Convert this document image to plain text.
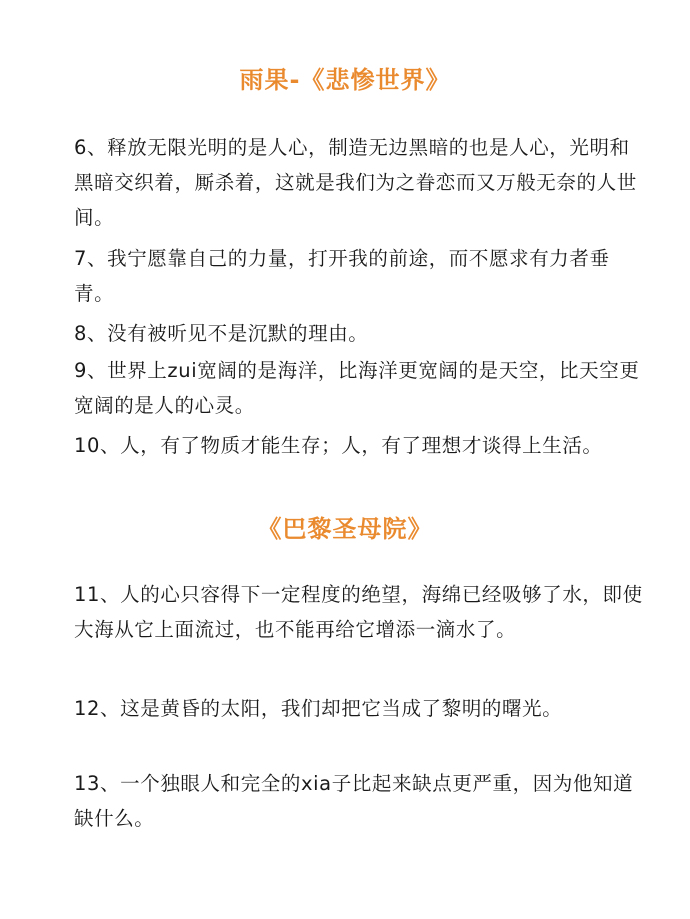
雨果-《悲惨世界》
6、释放无限光明的是人心，制造无边黑暗的也是人心，光明和黑暗交织着，厮杀着，这就是我们为之眷恋而又万般无奈的人世间。
7、我宁愿靠自己的力量，打开我的前途，而不愿求有力者垂青。
8、没有被听见不是沉默的理由。
9、世界上zui宽阔的是海洋，比海洋更宽阔的是天空，比天空更宽阔的是人的心灵。
10、人，有了物质才能生存；人，有了理想才谈得上生活。
《巴黎圣母院》
11、人的心只容得下一定程度的绝望，海绵已经吸够了水，即使大海从它上面流过，也不能再给它增添一滴水了。
12、这是黄昏的太阳，我们却把它当成了黎明的曙光。
13、一个独眼人和完全的xia子比起来缺点更严重，因为他知道缺什么。
